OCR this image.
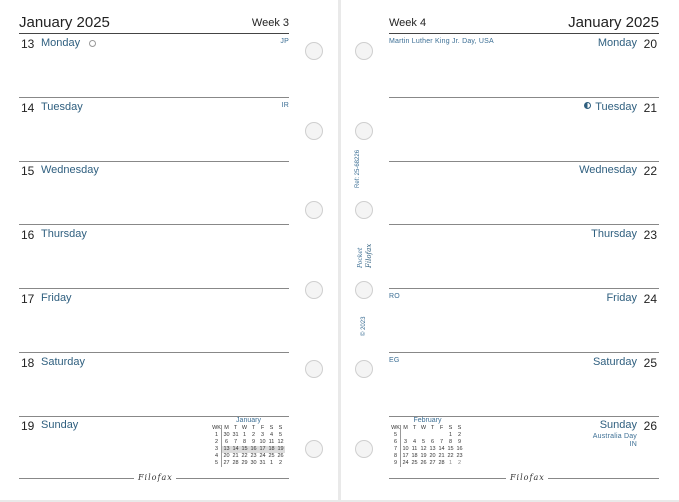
January 2025	Week 3
13 Monday	JP
14 Tuesday	IR
15 Wednesday
16 Thursday
17 Friday
18 Saturday
19 Sunday	January
WK	M	T	W	T	F	S	S
1	30	31	1	2	3	4	5
2	6	7	8	9	10	11	12
3	13	14	15	16	17	18	19
4	20	21	22	23	24	25	26
5	27	28	29	30	31	1	2
Filofax
Week 4	January 2025
20
Monday
Martin Luther King Jr. Day, USA
21
Tuesday
22
Wednesday
23
Thursday
24
Friday
RO
25
Saturday
EG
26
Sunday
Australia Day
IN
February
WK	M	T	W	T	F	S	S
5						1	2
6	3	4	5	6	7	8	9
7	10	11	12	13	14	15	16
8	17	18	19	20	21	22	23
9	24	25	26	27	28	1	2
Filofax
Ref: 25-68226
Pocket Filofax
© 2023
